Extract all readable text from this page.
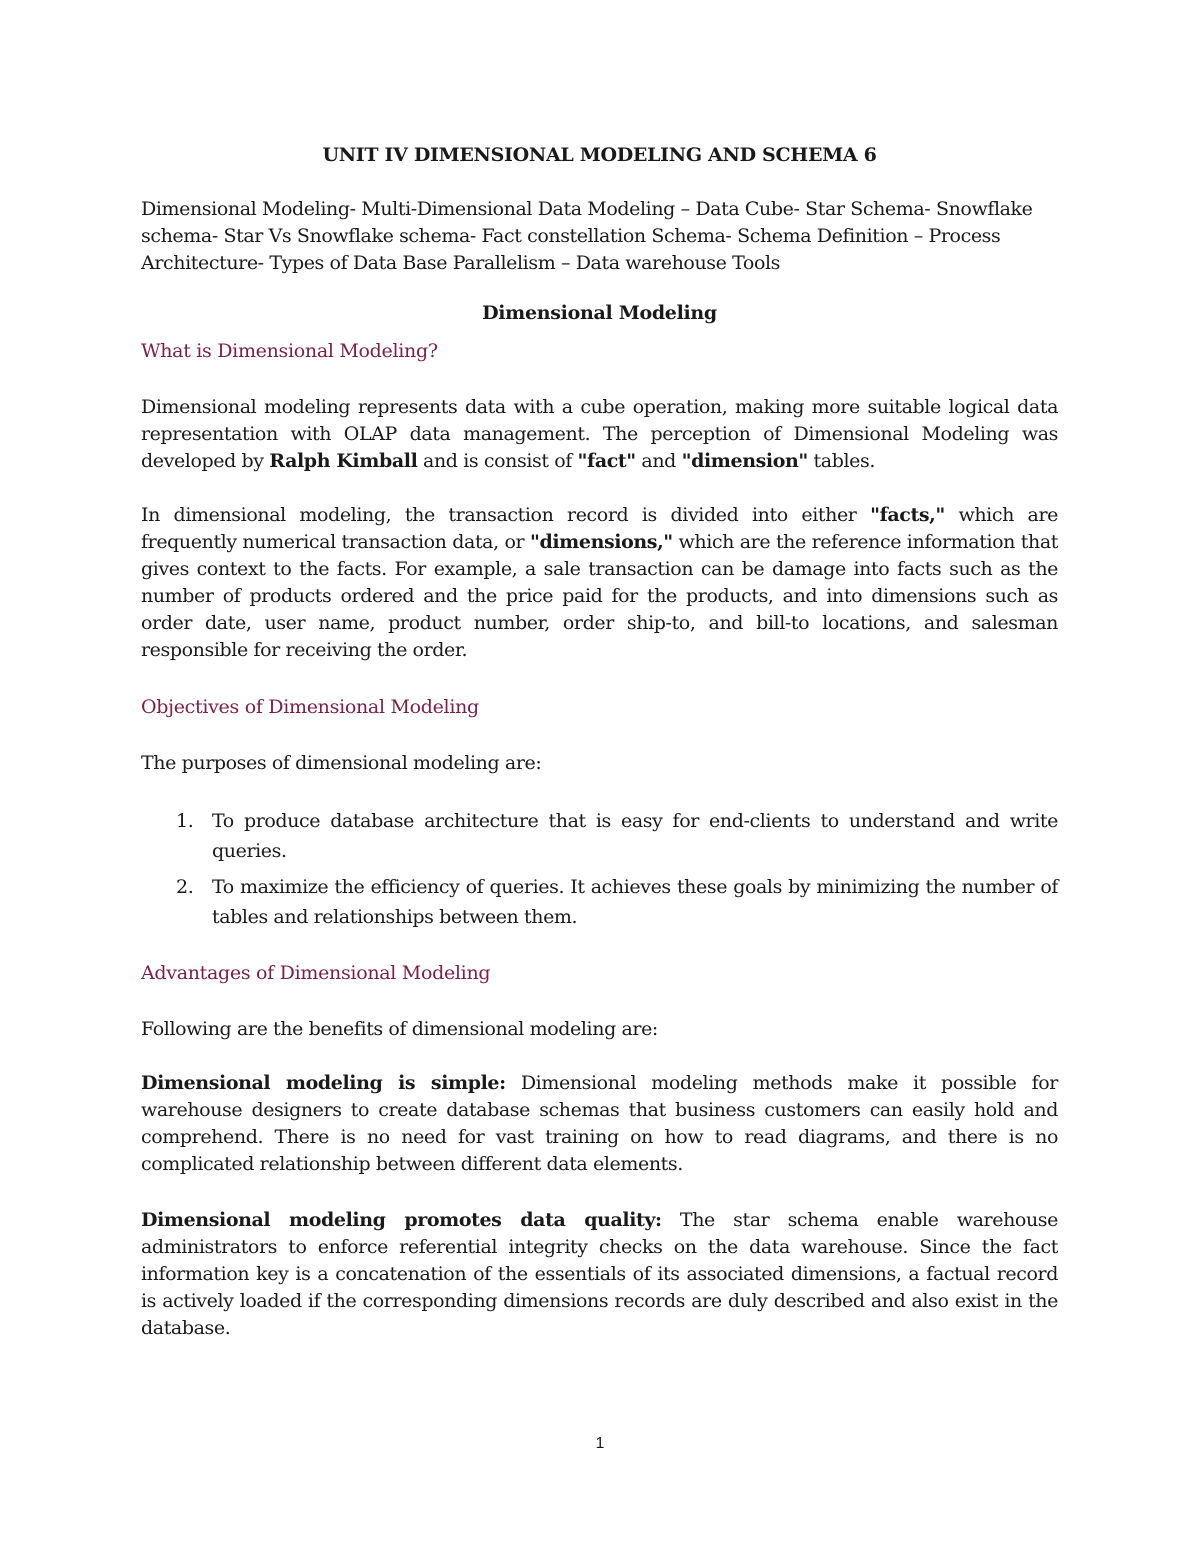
UNIT IV DIMENSIONAL MODELING AND SCHEMA 6
Dimensional Modeling- Multi-Dimensional Data Modeling – Data Cube- Star Schema- Snowflake schema- Star Vs Snowflake schema- Fact constellation Schema- Schema Definition – Process Architecture- Types of Data Base Parallelism – Data warehouse Tools
Dimensional Modeling
What is Dimensional Modeling?

Dimensional modeling represents data with a cube operation, making more suitable logical data representation with OLAP data management. The perception of Dimensional Modeling was developed by Ralph Kimball and is consist of "fact" and "dimension" tables.

In dimensional modeling, the transaction record is divided into either "facts," which are frequently numerical transaction data, or "dimensions," which are the reference information that gives context to the facts. For example, a sale transaction can be damage into facts such as the number of products ordered and the price paid for the products, and into dimensions such as order date, user name, product number, order ship-to, and bill-to locations, and salesman responsible for receiving the order.

Objectives of Dimensional Modeling

The purposes of dimensional modeling are:

1. To produce database architecture that is easy for end-clients to understand and write queries.
2. To maximize the efficiency of queries. It achieves these goals by minimizing the number of tables and relationships between them.
Advantages of Dimensional Modeling

Following are the benefits of dimensional modeling are:

Dimensional modeling is simple: Dimensional modeling methods make it possible for warehouse designers to create database schemas that business customers can easily hold and comprehend. There is no need for vast training on how to read diagrams, and there is no complicated relationship between different data elements.

Dimensional modeling promotes data quality: The star schema enable warehouse administrators to enforce referential integrity checks on the data warehouse. Since the fact information key is a concatenation of the essentials of its associated dimensions, a factual record is actively loaded if the corresponding dimensions records are duly described and also exist in the database.

1
